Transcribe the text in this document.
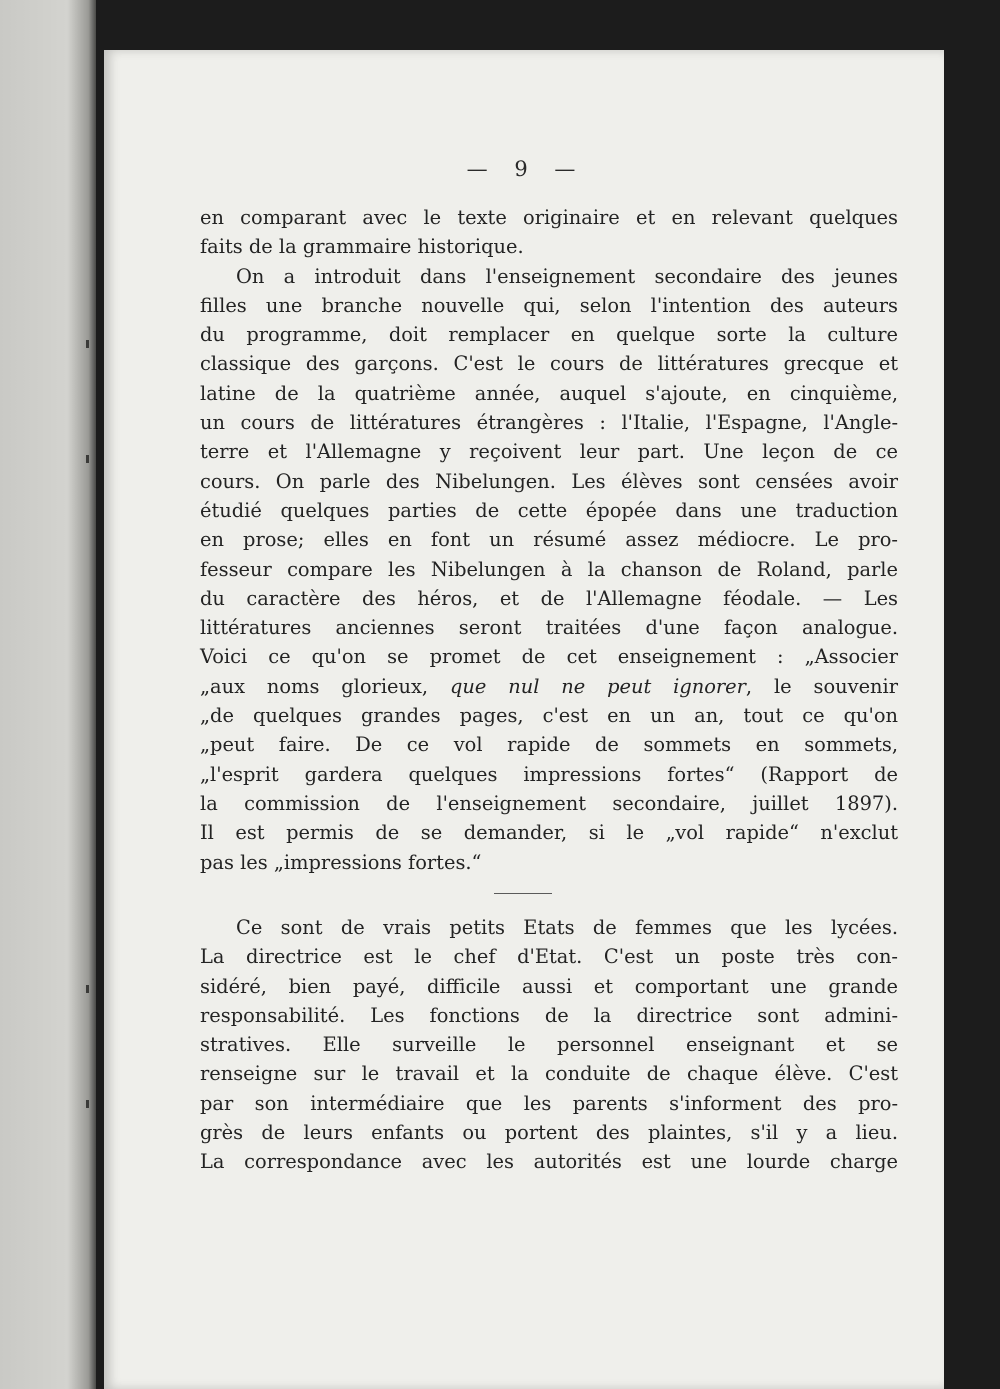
— 9 —
en comparant avec le texte originaire et en relevant quelques
faits de la grammaire historique.
On a introduit dans l'enseignement secondaire des jeunes
filles une branche nouvelle qui, selon l'intention des auteurs
du programme, doit remplacer en quelque sorte la culture
classique des garçons. C'est le cours de littératures grecque et
latine de la quatrième année, auquel s'ajoute, en cinquième,
un cours de littératures étrangères : l'Italie, l'Espagne, l'Angle-
terre et l'Allemagne y reçoivent leur part. Une leçon de ce
cours. On parle des Nibelungen. Les élèves sont censées avoir
étudié quelques parties de cette épopée dans une traduction
en prose; elles en font un résumé assez médiocre. Le pro-
fesseur compare les Nibelungen à la chanson de Roland, parle
du caractère des héros, et de l'Allemagne féodale. — Les
littératures anciennes seront traitées d'une façon analogue.
Voici ce qu'on se promet de cet enseignement : „Associer
„aux noms glorieux, que nul ne peut ignorer, le souvenir
„de quelques grandes pages, c'est en un an, tout ce qu'on
„peut faire. De ce vol rapide de sommets en sommets,
„l'esprit gardera quelques impressions fortes“ (Rapport de
la commission de l'enseignement secondaire, juillet 1897).
Il est permis de se demander, si le „vol rapide“ n'exclut
pas les „impressions fortes.“
Ce sont de vrais petits Etats de femmes que les lycées.
La directrice est le chef d'Etat. C'est un poste très con-
sidéré, bien payé, difficile aussi et comportant une grande
responsabilité. Les fonctions de la directrice sont admini-
stratives. Elle surveille le personnel enseignant et se
renseigne sur le travail et la conduite de chaque élève. C'est
par son intermédiaire que les parents s'informent des pro-
grès de leurs enfants ou portent des plaintes, s'il y a lieu.
La correspondance avec les autorités est une lourde charge
